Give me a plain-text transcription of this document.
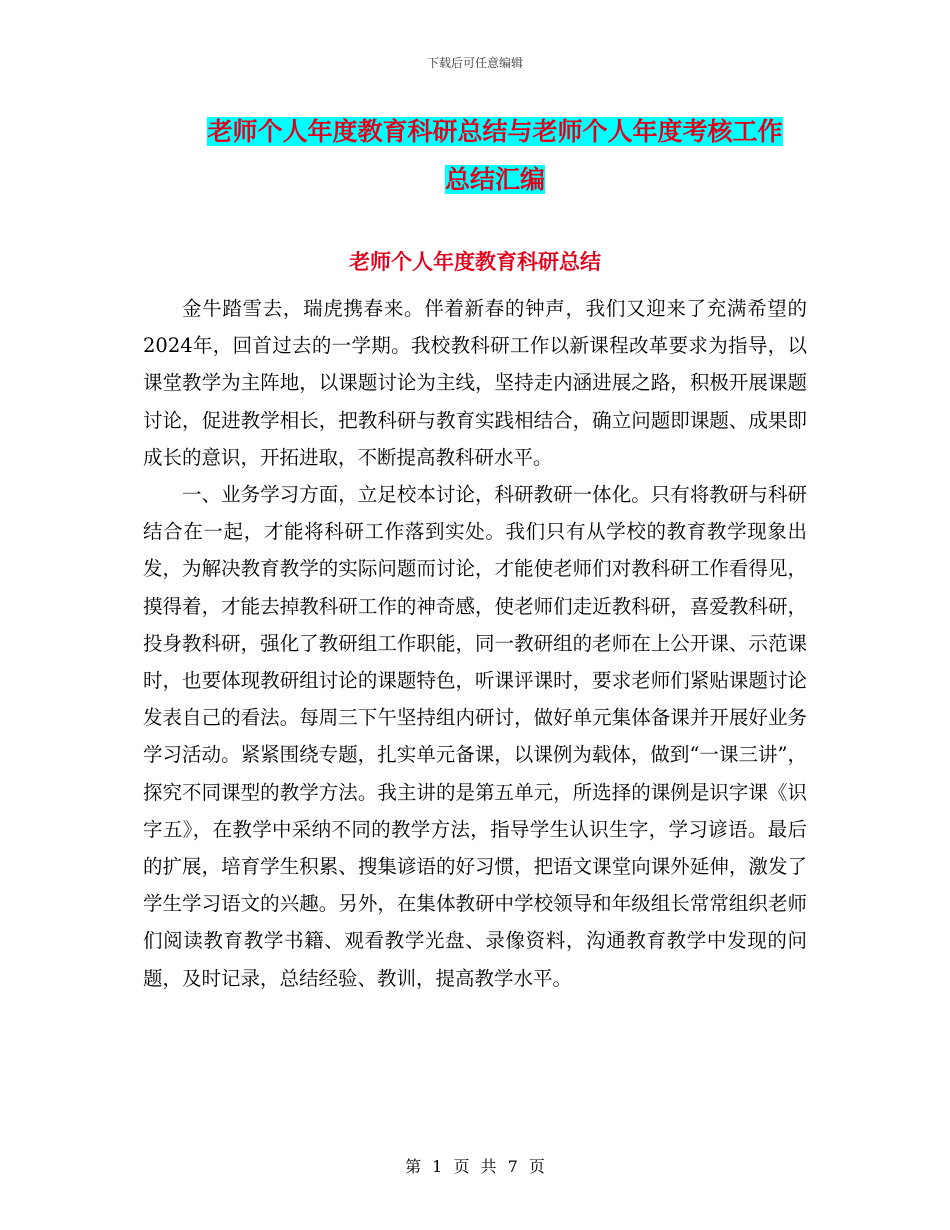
下载后可任意编辑
老师个人年度教育科研总结与老师个人年度考核工作
总结汇编
老师个人年度教育科研总结

金牛踏雪去，瑞虎携春来。伴着新春的钟声，我们又迎来了充满希望的2024年，回首过去的一学期。我校教科研工作以新课程改革要求为指导，以课堂教学为主阵地，以课题讨论为主线，坚持走内涵进展之路，积极开展课题讨论，促进教学相长，把教科研与教育实践相结合，确立问题即课题、成果即成长的意识，开拓进取，不断提高教科研水平。

一、业务学习方面，立足校本讨论，科研教研一体化。只有将教研与科研结合在一起，才能将科研工作落到实处。我们只有从学校的教育教学现象出发，为解决教育教学的实际问题而讨论，才能使老师们对教科研工作看得见，摸得着，才能去掉教科研工作的神奇感，使老师们走近教科研，喜爱教科研，投身教科研，强化了教研组工作职能，同一教研组的老师在上公开课、示范课时，也要体现教研组讨论的课题特色，听课评课时，要求老师们紧贴课题讨论发表自己的看法。每周三下午坚持组内研讨，做好单元集体备课并开展好业务学习活动。紧紧围绕专题，扎实单元备课，以课例为载体，做到“一课三讲”，探究不同课型的教学方法。我主讲的是第五单元，所选择的课例是识字课《识字五》，在教学中采纳不同的教学方法，指导学生认识生字，学习谚语。最后的扩展，培育学生积累、搜集谚语的好习惯，把语文课堂向课外延伸，激发了学生学习语文的兴趣。另外，在集体教研中学校领导和年级组长常常组织老师们阅读教育教学书籍、观看教学光盘、录像资料，沟通教育教学中发现的问题，及时记录，总结经验、教训，提高教学水平。

第 1 页 共 7 页
